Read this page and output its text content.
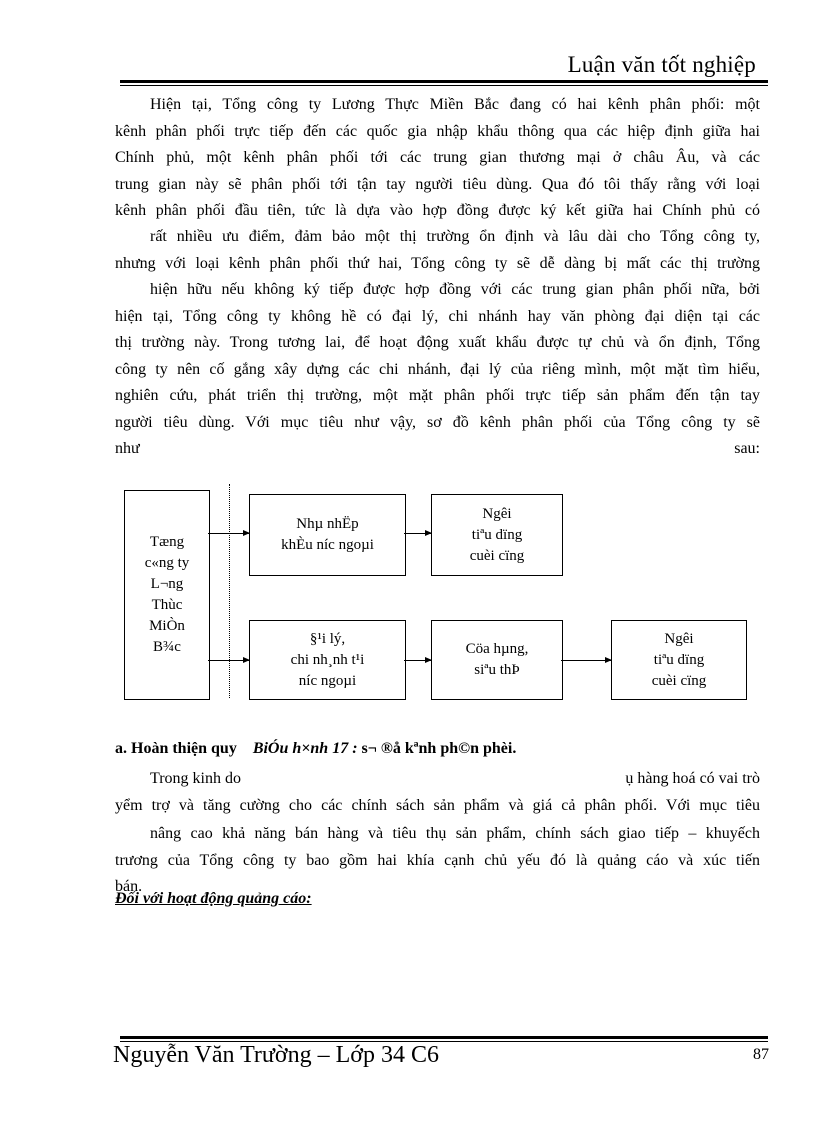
Luận văn tốt nghiệp
Hiện tại, Tổng công ty Lương Thực Miền Bắc đang có hai kênh phân phối: một
kênh phân phối trực tiếp đến các quốc gia nhập khẩu thông qua các hiệp định giữa hai
Chính phủ, một kênh phân phối tới các trung gian thương mại ở châu Âu, và các
trung gian này sẽ phân phối tới tận tay người tiêu dùng. Qua đó tôi thấy rằng với loại
kênh phân phối đầu tiên, tức là dựa vào hợp đồng được ký kết giữa hai Chính phủ có
rất nhiều ưu điểm, đảm bảo một thị trường ổn định và lâu dài cho Tổng công ty,
nhưng với loại kênh phân phối thứ hai, Tổng công ty sẽ dễ dàng bị mất các thị trường
hiện hữu nếu không ký tiếp được hợp đồng với các trung gian phân phối nữa, bởi
hiện tại, Tổng công ty không hề có đại lý, chi nhánh hay văn phòng đại diện tại các
thị trường này. Trong tương lai, để hoạt động xuất khẩu được tự chủ và ổn định, Tổng
công ty nên cố gắng xây dựng các chi nhánh, đại lý của riêng mình, một mặt tìm hiểu,
nghiên cứu, phát triển thị trường, một mặt phân phối trực tiếp sản phẩm đến tận tay
người tiêu dùng. Với mục tiêu như vậy, sơ đồ kênh phân phối của Tổng công ty sẽ
như	sau:
Tæng
c«ng ty
L¬ng
Thùc
MiÒn
B¾c
Nhµ nhËp
khÈu níc ngoµi
Ngêi
tiªu dïng
cuèi cïng
§¹i lý,
chi nh¸nh t¹i
níc ngoµi
Cöa hµng,
siªu thÞ
Ngêi
tiªu dïng
cuèi cïng
a. Hoàn thiện quy BiÓu h×nh 17 : s¬ ®å kªnh ph©n phèi.
Trong kinh do	ụ hàng hoá có vai trò
yểm trợ và tăng cường cho các chính sách sản phẩm và giá cả phân phối. Với mục tiêu
nâng cao khả năng bán hàng và tiêu thụ sản phẩm, chính sách giao tiếp – khuyếch
trương của Tổng công ty bao gồm hai khía cạnh chủ yếu đó là quảng cáo và xúc tiến
bán.
Đối với hoạt động quảng cáo:
Nguyễn Văn Trường – Lớp 34 C6	87
